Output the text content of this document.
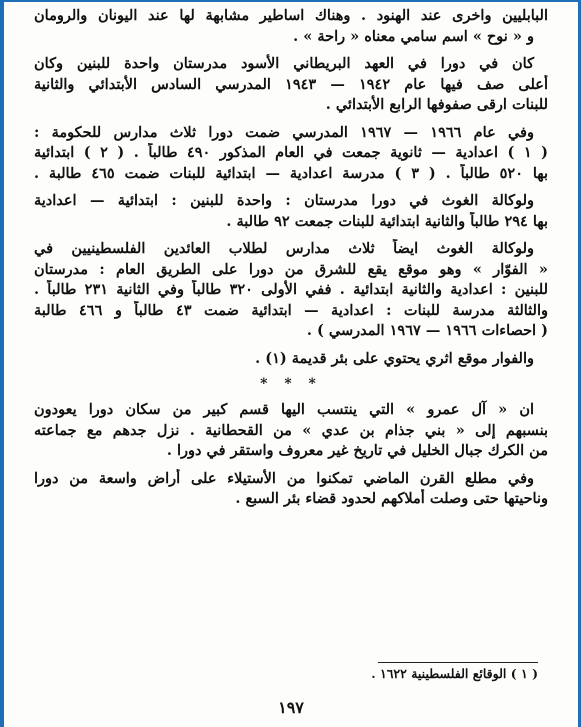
البابليين واخرى عند الهنود . وهناك اساطير مشابهة لها عند اليونان والرومان
و « نوح » اسم سامي معناه « راحة » .
كان في دورا في العهد البريطاني الأسود مدرستان واحدة للبنين وكان
أعلى صف فيها عام ١٩٤٢ — ١٩٤٣ المدرسي السادس الأبتدائي والثانية
للبنات ارقى صفوفها الرابع الأبتدائي .
وفي عام ١٩٦٦ — ١٩٦٧ المدرسي ضمت دورا ثلاث مدارس للحكومة :
( ١ ) اعدادية — ثانوية جمعت في العام المذكور ٤٩٠ طالباً . ( ٢ ) ابتدائية
بها ٥٢٠ طالباً . ( ٣ ) مدرسة اعدادية — ابتدائية للبنات ضمت ٤٦٥ طالبة .
ولوكالة الغوث في دورا مدرستان : واحدة للبنين : ابتدائية — اعدادية
بها ٢٩٤ طالباً والثانية ابتدائية للبنات جمعت ٩٢ طالبة .
ولوكالة الغوث ايضاً ثلاث مدارس لطلاب العائدين الفلسطينيين في
« الفوّار » وهو موقع يقع للشرق من دورا على الطريق العام : مدرستان
للبنين : اعدادية والثانية ابتدائية . ففي الأولى ٣٢٠ طالباً وفي الثانية ٢٣١ طالباً .
والثالثة مدرسة للبنات : اعدادية — ابتدائية ضمت ٤٣ طالباً و ٤٦٦ طالبة
( احصاءات ١٩٦٦ — ١٩٦٧ المدرسي ) .
والفوار موقع اثري يحتوي على بئر قديمة (١) .
* * *
ان « آل عمرو » التي ينتسب اليها قسم كبير من سكان دورا يعودون
بنسبهم إلى « بني جذام بن عدي » من القحطانية . نزل جدهم مع جماعته
من الكرك جبال الخليل في تاريخ غير معروف واستقر في دورا .
وفي مطلع القرن الماضي تمكنوا من الأستيلاء على أراض واسعة من دورا
وناحيتها حتى وصلت أملاكهم لحدود قضاء بئر السبع .
( ١ ) الوقائع الفلسطينية ١٦٢٢ .
١٩٧
